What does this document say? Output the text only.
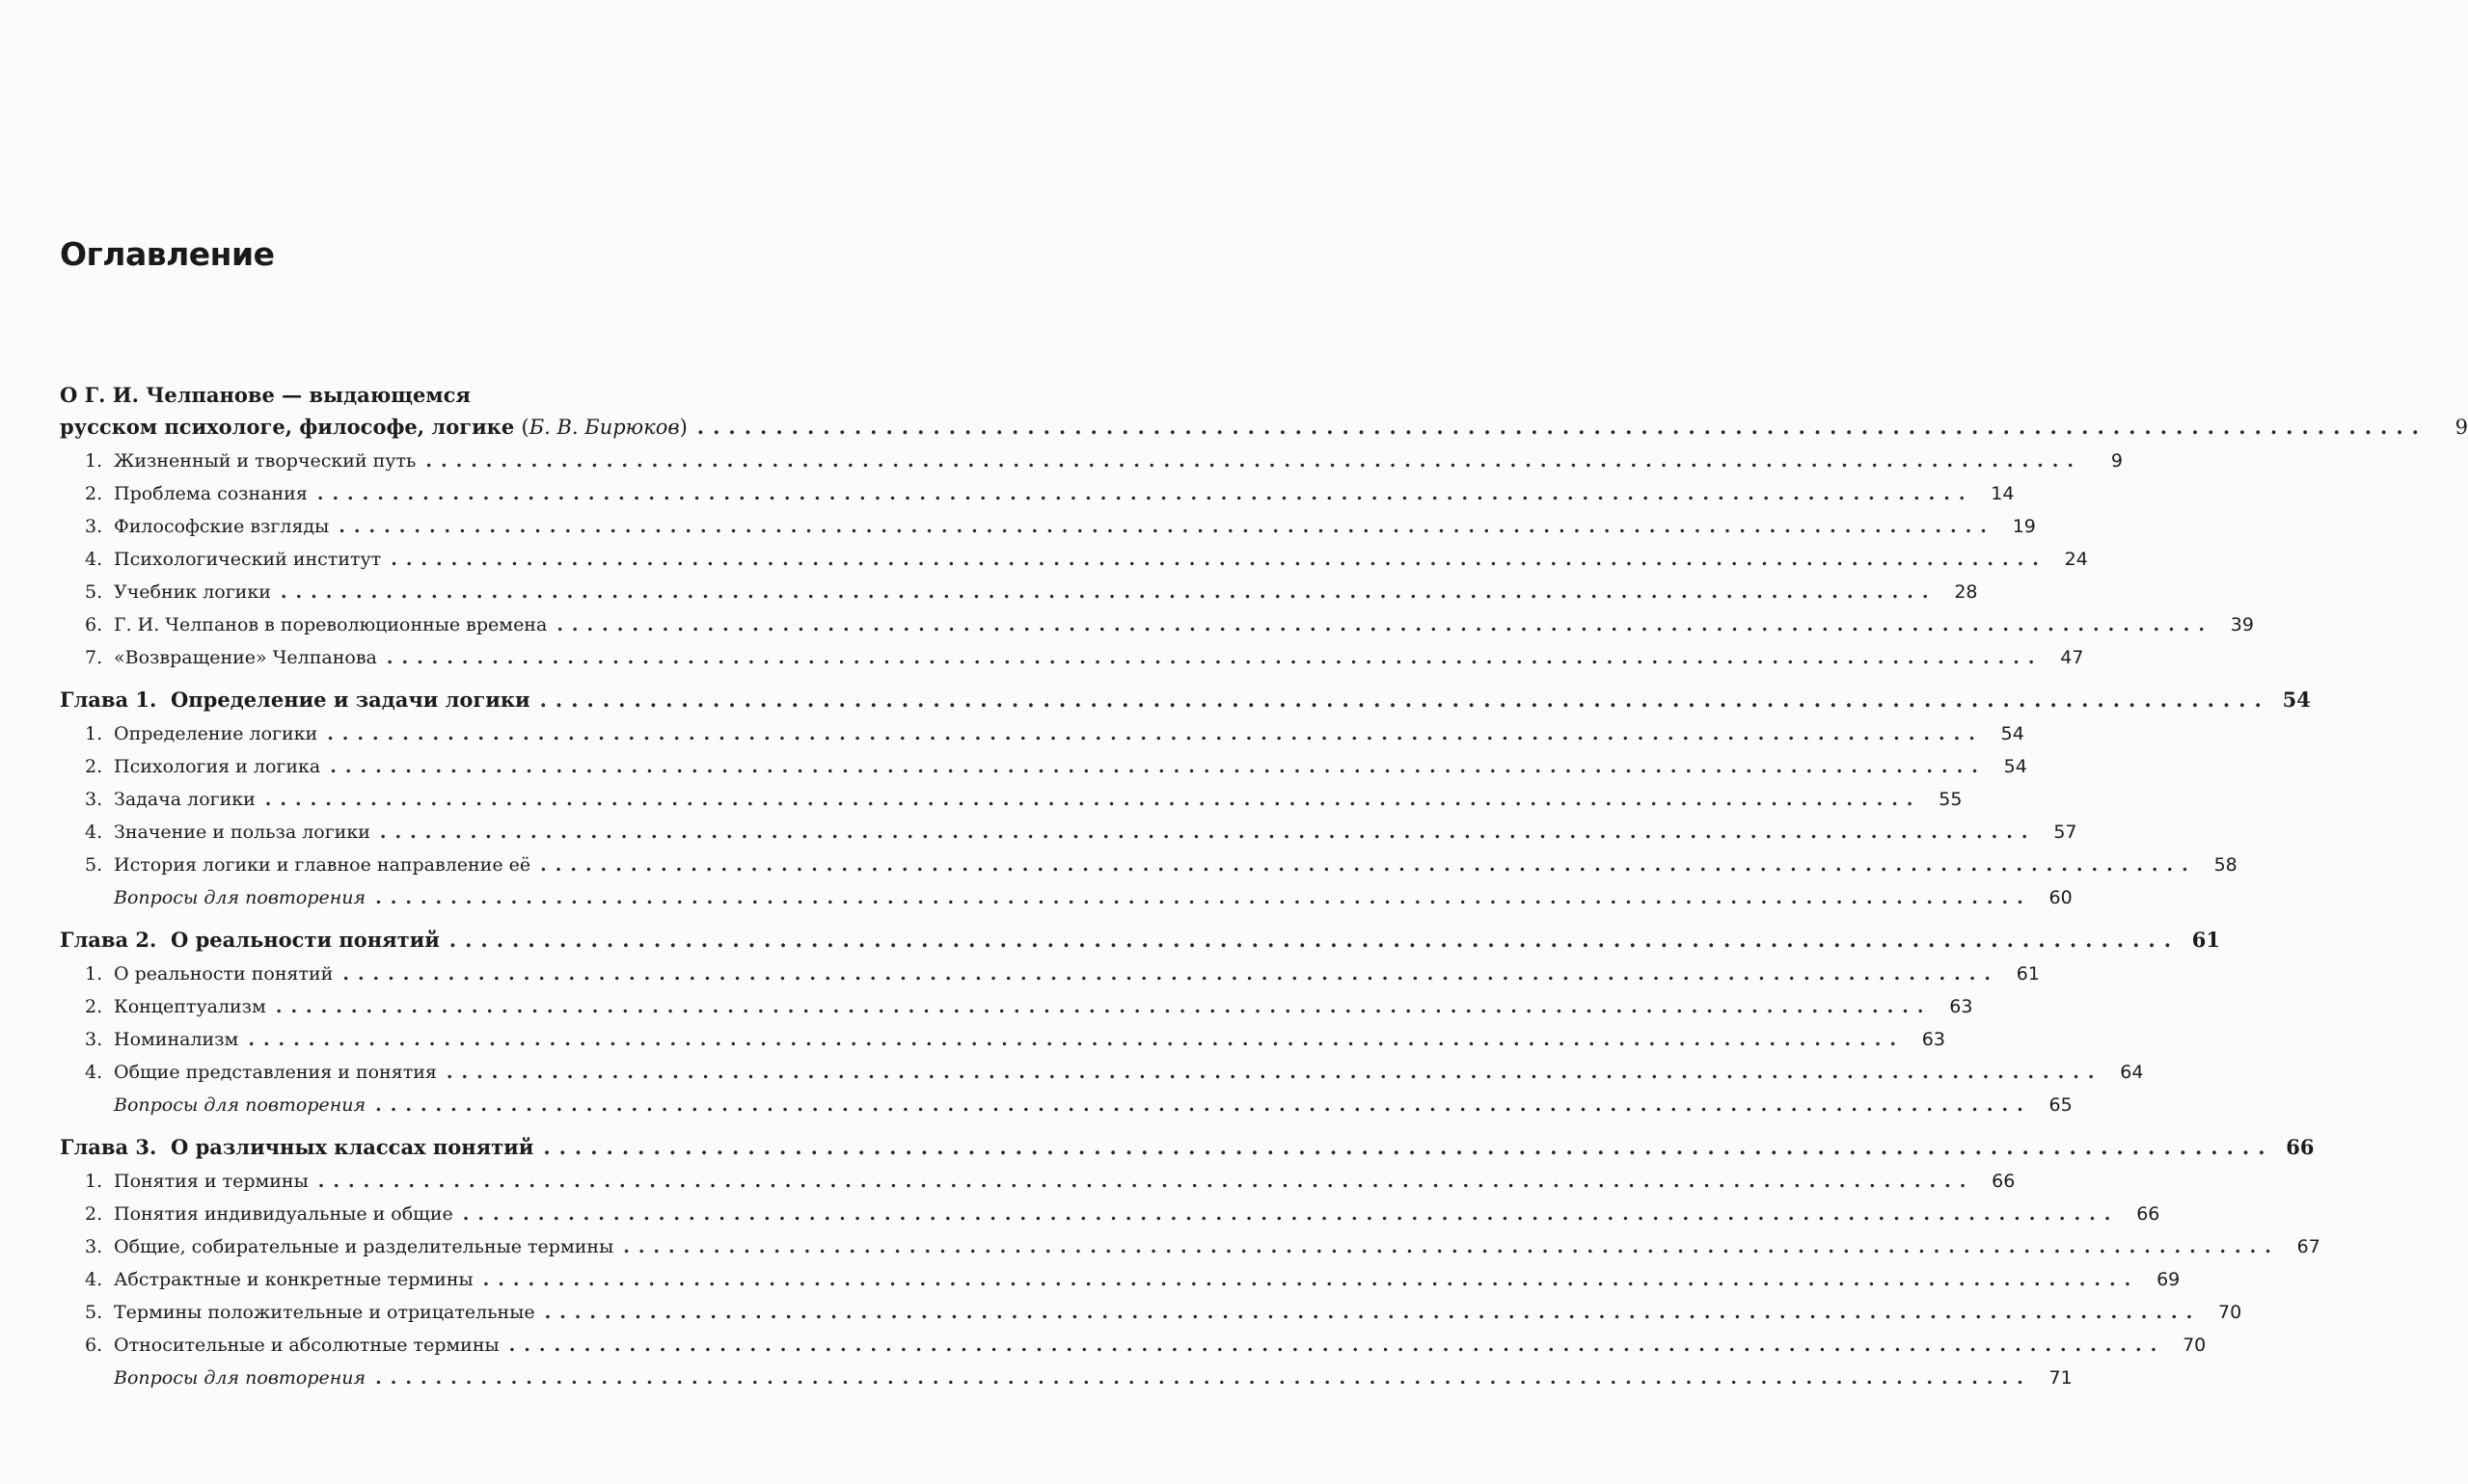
Оглавление
О Г. И. Челпанове — выдающемся
русском психологе, философе, логике (Б. В. Бирюков) ..............................................................................................................	9
1. Жизненный и творческий путь ..............................................................................................................	9
2. Проблема сознания .............................................................................................................. 14
3. Философские взгляды .............................................................................................................. 19
4. Психологический институт .............................................................................................................. 24
5. Учебник логики .............................................................................................................. 28
6. Г. И. Челпанов в пореволюционные времена .............................................................................................................. 39
7. «Возвращение» Челпанова .............................................................................................................. 47
Глава 1. Определение и задачи логики .............................................................................................................. 54
1. Определение логики .............................................................................................................. 54
2. Психология и логика .............................................................................................................. 54
3. Задача логики .............................................................................................................. 55
4. Значение и польза логики .............................................................................................................. 57
5. История логики и главное направление её .............................................................................................................. 58
Вопросы для повторения .............................................................................................................. 60
Глава 2. О реальности понятий .............................................................................................................. 61
1. О реальности понятий .............................................................................................................. 61
2. Концептуализм .............................................................................................................. 63
3. Номинализм .............................................................................................................. 63
4. Общие представления и понятия .............................................................................................................. 64
Вопросы для повторения .............................................................................................................. 65
Глава 3. О различных классах понятий .............................................................................................................. 66
1. Понятия и термины .............................................................................................................. 66
2. Понятия индивидуальные и общие .............................................................................................................. 66
3. Общие, собирательные и разделительные термины .............................................................................................................. 67
4. Абстрактные и конкретные термины .............................................................................................................. 69
5. Термины положительные и отрицательные .............................................................................................................. 70
6. Относительные и абсолютные термины .............................................................................................................. 70
Вопросы для повторения .............................................................................................................. 71
